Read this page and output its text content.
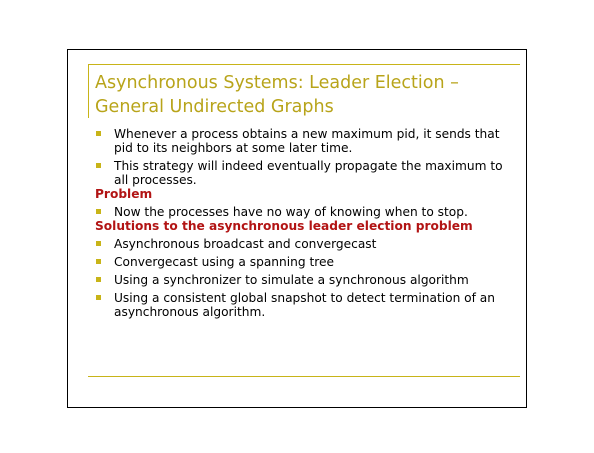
Asynchronous Systems: Leader Election –
General Undirected Graphs
Whenever a process obtains a new maximum pid, it sends that
pid to its neighbors at some later time.
This strategy will indeed eventually propagate the maximum to
all processes.
Problem
Now the processes have no way of knowing when to stop.
Solutions to the asynchronous leader election problem
Asynchronous broadcast and convergecast
Convergecast using a spanning tree
Using a synchronizer to simulate a synchronous algorithm
Using a consistent global snapshot to detect termination of an
asynchronous algorithm.
